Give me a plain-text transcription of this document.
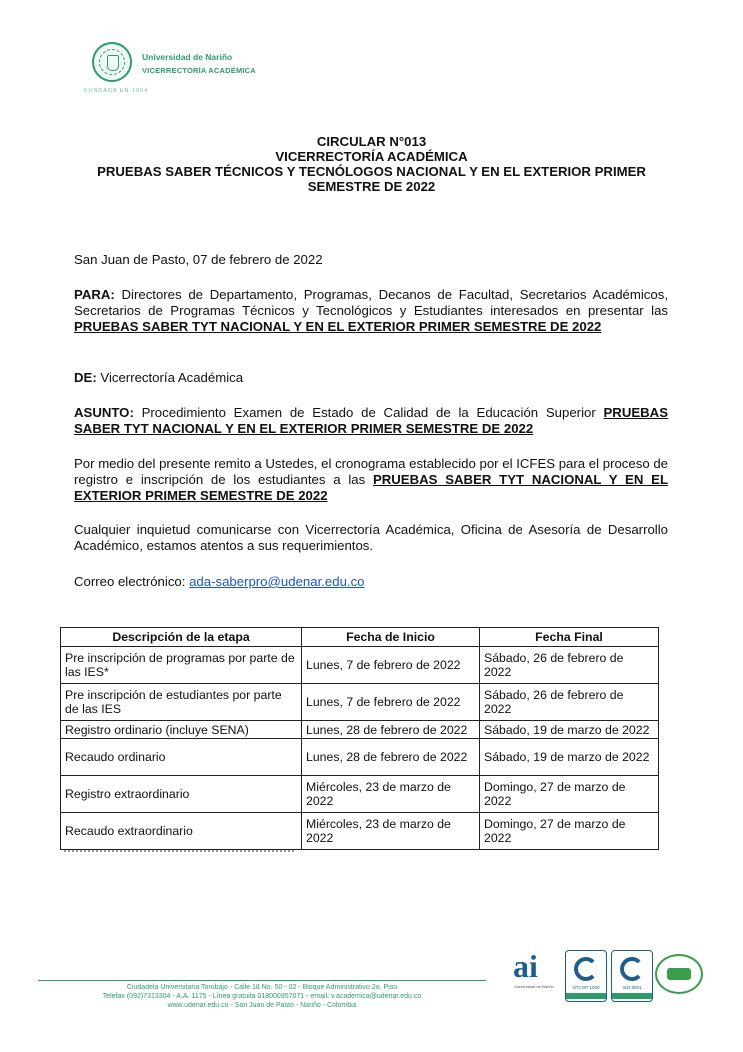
Universidad de Nariño
VICERRECTORÍA ACADÉMICA
FUNDADA EN 1904
CIRCULAR N°013
VICERRECTORÍA ACADÉMICA
PRUEBAS SABER TÉCNICOS Y TECNÓLOGOS NACIONAL Y EN EL EXTERIOR PRIMER
SEMESTRE DE 2022
San Juan de Pasto, 07 de febrero de 2022
PARA: Directores de Departamento, Programas, Decanos de Facultad, Secretarios Académicos, Secretarios de Programas Técnicos y Tecnológicos y Estudiantes interesados en presentar las PRUEBAS SABER TYT NACIONAL Y EN EL EXTERIOR PRIMER SEMESTRE DE 2022
DE: Vicerrectoría Académica
ASUNTO: Procedimiento Examen de Estado de Calidad de la Educación Superior PRUEBAS SABER TYT NACIONAL Y EN EL EXTERIOR PRIMER SEMESTRE DE 2022
Por medio del presente remito a Ustedes, el cronograma establecido por el ICFES para el proceso de registro e inscripción de los estudiantes a las PRUEBAS SABER TYT NACIONAL Y EN EL EXTERIOR PRIMER SEMESTRE DE 2022
Cualquier inquietud comunicarse con Vicerrectoría Académica, Oficina de Asesoría de Desarrollo Académico, estamos atentos a sus requerimientos.
Correo electrónico: ada-saberpro@udenar.edu.co
Descripción de la etapa	Fecha de Inicio	Fecha Final
Pre inscripción de programas por parte de las IES*	Lunes, 7 de febrero de 2022	Sábado, 26 de febrero de 2022
Pre inscripción de estudiantes por parte de las IES	Lunes, 7 de febrero de 2022	Sábado, 26 de febrero de 2022
Registro ordinario (incluye SENA)	Lunes, 28 de febrero de 2022	Sábado, 19 de marzo de 2022
Recaudo ordinario	Lunes, 28 de febrero de 2022	Sábado, 19 de marzo de 2022
Registro extraordinario	Miércoles, 23 de marzo de 2022	Domingo, 27 de marzo de 2022
Recaudo extraordinario	Miércoles, 23 de marzo de 2022	Domingo, 27 de marzo de 2022
Ciudadela Universitaria Torobajo - Calle 18 No. 50 - 02 - Bloque Administrativo 2o. Piso
Telefax (092)7313304 - A.A. 1175 - Línea gratuita 018000957071 - email: v.academica@udenar.edu.co
www.udenar.edu.co - San Juan de Pasto - Nariño - Colombia
ai
Universidad de Nariño	NTCGP 1000	ISO 9001
